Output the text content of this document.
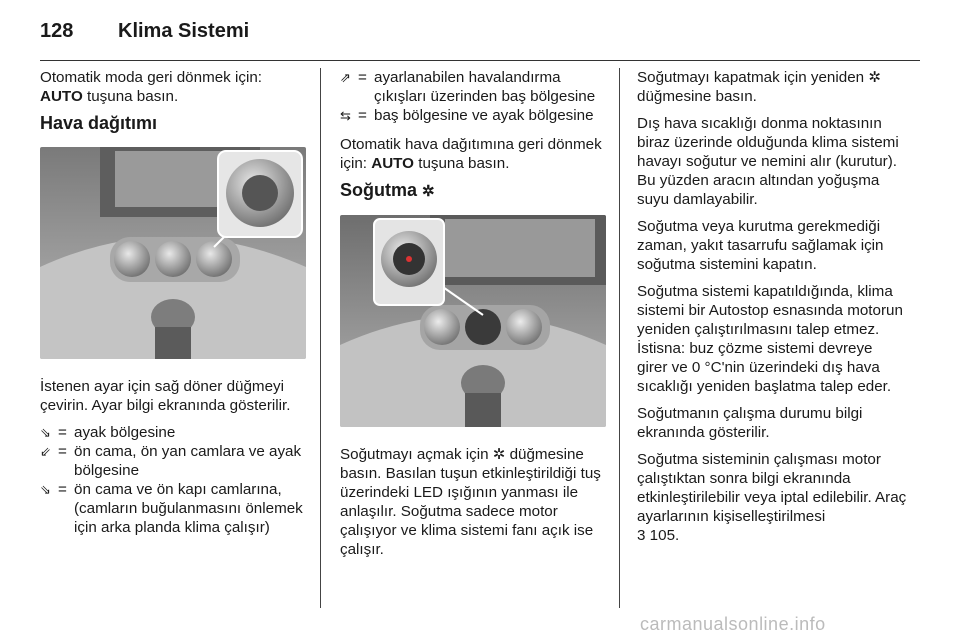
128 Klima Sistemi

Otomatik moda geri dönmek için:
AUTO tuşuna basın.

Hava dağıtımı

İstenen ayar için sağ döner düğmeyi çevirin. Ayar bilgi ekranında gösterilir.

⇘ = ayak bölgesine
⇙ = ön cama, ön yan camlara ve ayak bölgesine
⇘ = ön cama ve ön kapı camlarına, (camların buğulanmasını önlemek için arka planda klima çalışır)
⇗ = ayarlanabilen havalandırma çıkışları üzerinden baş bölgesine
⇆ = baş bölgesine ve ayak bölgesine

Otomatik hava dağıtımına geri dönmek için: AUTO tuşuna basın.

Soğutma ✲

Soğutmayı açmak için ✲ düğmesine basın. Basılan tuşun etkinleştirildiği tuş üzerindeki LED ışığının yanması ile anlaşılır. Soğutma sadece motor çalışıyor ve klima sistemi fanı açık ise çalışır.

Soğutmayı kapatmak için yeniden ✲ düğmesine basın.

Dış hava sıcaklığı donma noktasının biraz üzerinde olduğunda klima sistemi havayı soğutur ve nemini alır (kurutur). Bu yüzden aracın altından yoğuşma suyu damlayabilir.

Soğutma veya kurutma gerekmediği zaman, yakıt tasarrufu sağlamak için soğutma sistemini kapatın.

Soğutma sistemi kapatıldığında, klima sistemi bir Autostop esnasında motorun yeniden çalıştırılmasını talep etmez. İstisna: buz çözme sistemi devreye girer ve 0 °C'nin üzerindeki dış hava sıcaklığı yeniden başlatma talep eder.

Soğutmanın çalışma durumu bilgi ekranında gösterilir.

Soğutma sisteminin çalışması motor çalıştıktan sonra bilgi ekranında etkinleştirilebilir veya iptal edilebilir. Araç ayarlarının kişiselleştirilmesi
3 105.

carmanualsonline.info
